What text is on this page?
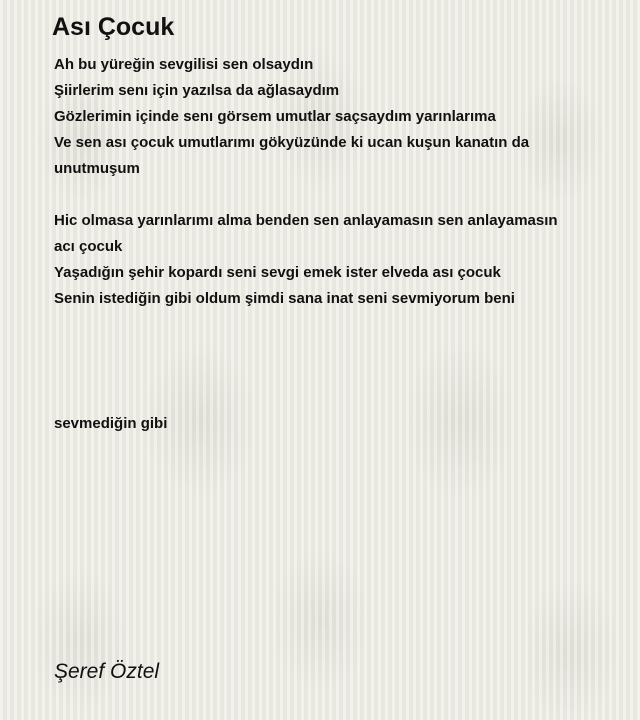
Ası Çocuk

Ah bu yüreğin sevgilisi sen olsaydın
Şiirlerim senı için yazılsa da ağlasaydım
Gözlerimin içinde senı görsem umutlar saçsaydım yarınlarıma
Ve sen ası çocuk umutlarımı gökyüzünde ki ucan kuşun kanatın da
unutmuşum

Hic olmasa yarınlarımı alma benden sen anlayamasın sen anlayamasın
acı çocuk
Yaşadığın şehir kopardı seni sevgi emek ister elveda ası çocuk
Senin istediğin gibi oldum şimdi sana inat seni sevmiyorum beni

sevmediğin gibi
Şeref Öztel
